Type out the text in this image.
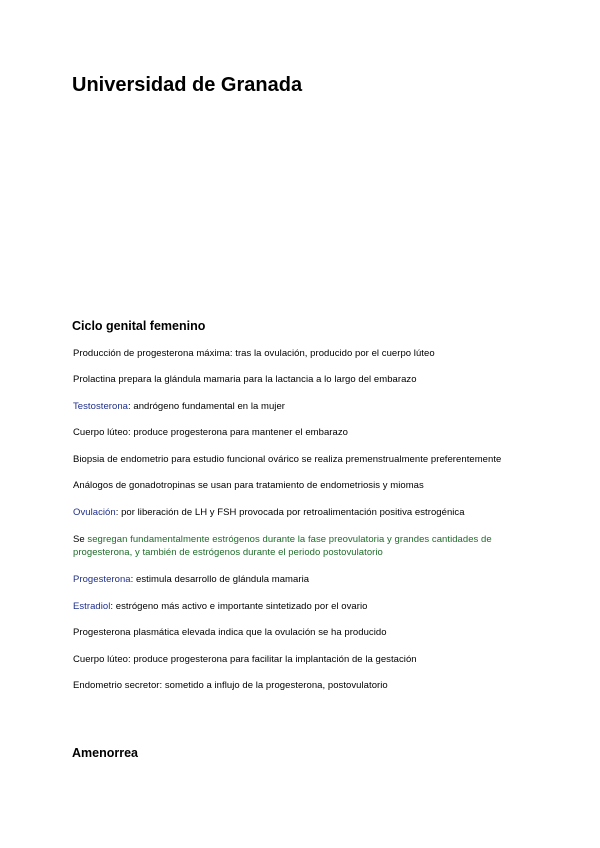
Universidad de Granada
Ciclo genital femenino

Producción de progesterona máxima: tras la ovulación, producido por el cuerpo lúteo

Prolactina prepara la glándula mamaria para la lactancia a lo largo del embarazo

Testosterona: andrógeno fundamental en la mujer

Cuerpo lúteo: produce progesterona para mantener el embarazo

Biopsia de endometrio para estudio funcional ovárico se realiza premenstrualmente preferentemente

Análogos de gonadotropinas se usan para tratamiento de endometriosis y miomas

Ovulación: por liberación de LH y FSH provocada por retroalimentación positiva estrogénica

Se segregan fundamentalmente estrógenos durante la fase preovulatoria y grandes cantidades de progesterona, y también de estrógenos durante el periodo postovulatorio

Progesterona: estimula desarrollo de glándula mamaria

Estradiol: estrógeno más activo e importante sintetizado por el ovario

Progesterona plasmática elevada indica que la ovulación se ha producido

Cuerpo lúteo: produce progesterona para facilitar la implantación de la gestación

Endometrio secretor: sometido a influjo de la progesterona, postovulatorio

Amenorrea
